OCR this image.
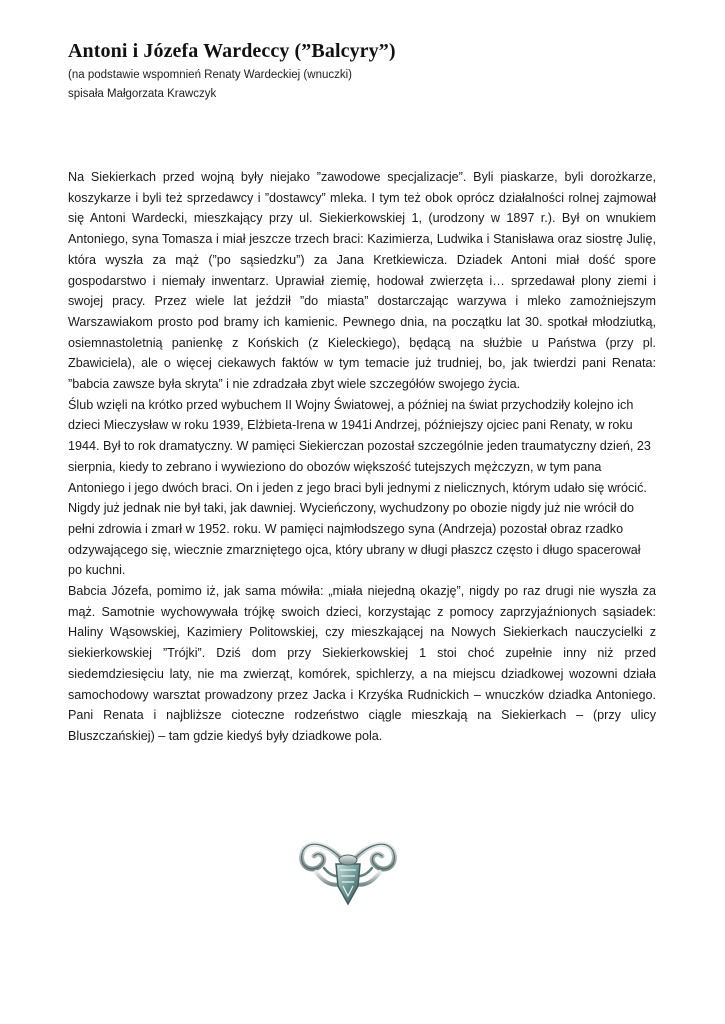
Antoni i Józefa Wardeccy (”Balcyry”)

(na podstawie wspomnień Renaty Wardeckiej (wnuczki)

spisała Małgorzata Krawczyk

Na Siekierkach przed wojną były niejako ”zawodowe specjalizacje”. Byli piaskarze, byli dorożkarze, koszykarze i byli też sprzedawcy i ”dostawcy” mleka. I tym też obok oprócz działalności rolnej zajmował się Antoni Wardecki, mieszkający przy ul. Siekierkowskiej 1, (urodzony w 1897 r.). Był on wnukiem Antoniego, syna Tomasza i miał jeszcze trzech braci: Kazimierza, Ludwika i Stanisława oraz siostrę Julię, która wyszła za mąż (”po sąsiedzku”) za Jana Kretkiewicza. Dziadek Antoni miał dość spore gospodarstwo i niemały inwentarz. Uprawiał ziemię, hodował zwierzęta i… sprzedawał plony ziemi i swojej pracy. Przez wiele lat jeździł ”do miasta” dostarczając warzywa i mleko zamożniejszym Warszawiakom prosto pod bramy ich kamienic. Pewnego dnia, na początku lat 30. spotkał młodziutką, osiemnastoletnią panienkę z Końskich (z Kieleckiego), będącą na służbie u Państwa (przy pl. Zbawiciela), ale o więcej ciekawych faktów w tym temacie już trudniej, bo, jak twierdzi pani Renata: ”babcia zawsze była skryta” i nie zdradzała zbyt wiele szczegółów swojego życia.

Ślub wzięli na krótko przed wybuchem II Wojny Światowej, a później na świat przychodziły kolejno ich dzieci Mieczysław w roku 1939, Elżbieta-Irena w 1941i Andrzej, późniejszy ojciec pani Renaty, w roku 1944. Był to rok dramatyczny. W pamięci Siekierczan pozostał szczególnie jeden traumatyczny dzień, 23 sierpnia, kiedy to zebrano i wywieziono do obozów większość tutejszych mężczyzn, w tym pana Antoniego i jego dwóch braci. On i jeden z jego braci byli jednymi z nielicznych, którym udało się wrócić. Nigdy już jednak nie był taki, jak dawniej. Wycieńczony, wychudzony po obozie nigdy już nie wrócił do pełni zdrowia i zmarł w 1952. roku. W pamięci najmłodszego syna (Andrzeja) pozostał obraz rzadko odzywającego się, wiecznie zmarzniętego ojca, który ubrany w długi płaszcz często i długo spacerował po kuchni.

Babcia Józefa, pomimo iż, jak sama mówiła: „miała niejedną okazję”, nigdy po raz drugi nie wyszła za mąż. Samotnie wychowywała trójkę swoich dzieci, korzystając z pomocy zaprzyjaźnionych sąsiadek: Haliny Wąsowskiej, Kazimiery Politowskiej, czy mieszkającej na Nowych Siekierkach nauczycielki z siekierkowskiej ”Trójki”. Dziś dom przy Siekierkowskiej 1 stoi choć zupełnie inny niż przed siedemdziesięciu laty, nie ma zwierząt, komórek, spichlerzy, a na miejscu dziadkowej wozowni działa samochodowy warsztat prowadzony przez Jacka i Krzyśka Rudnickich – wnuczków dziadka Antoniego. Pani Renata i najbliższe cioteczne rodzeństwo ciągle mieszkają na Siekierkach – (przy ulicy Bluszczańskiej) – tam gdzie kiedyś były dziadkowe pola.
